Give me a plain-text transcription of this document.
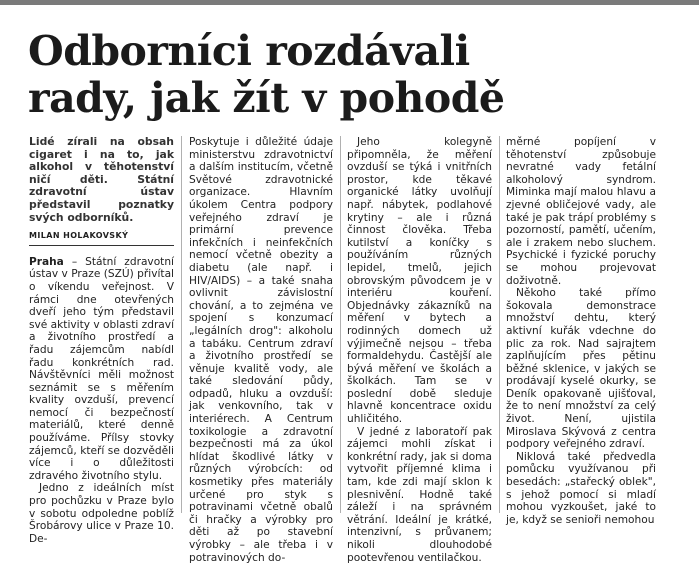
Odborníci rozdávali
rady, jak žít v pohodě

Lidé zírali na obsah cigaret i na to, jak alkohol v těhotenství ničí děti. Státní zdravotní ústav představil poznatky svých odborníků.

MILAN HOLAKOVSKÝ

Praha – Státní zdravotní ústav v Praze (SZÚ) přivítal o víkendu veřejnost. V rámci dne otevřených dveří jeho tým představil své aktivity v oblasti zdraví a životního prostředí a řadu zájemcům nabídl řadu konkrétních rad. Návštěvníci měli možnost seznámit se s měřením kvality ovzduší, prevencí nemocí či bezpečností materiálů, které denně používáme. Přílsy stovky zájemců, kteří se dozvěděli více i o důležitosti zdravého životního stylu.

Jedno z ideálních míst pro pochůzku v Praze bylo v sobotu odpoledne poblíž Šrobárovy ulice v Praze 10. De-

Poskytuje i důležité údaje ministerstvu zdravotnictví a dalším institucím, včetně Světové zdravotnické organizace. Hlavním úkolem Centra podpory veřejného zdraví je primární prevence infekčních i neinfekčních nemocí včetně obezity a diabetu (ale např. i HIV/AIDS) – a také snaha ovlivnit závislostní chování, a to zejména ve spojení s konzumací „legálních drog": alkoholu a tabáku. Centrum zdraví a životního prostředí se věnuje kvalitě vody, ale také sledování půdy, odpadů, hluku a ovzduší: jak venkovního, tak v interiérech. A Centrum toxikologie a zdravotní bezpečnosti má za úkol hlídat škodlivé látky v různých výrobcích: od kosmetiky přes materiály určené pro styk s potravinami včetně obalů či hračky a výrobky pro děti až po stavební výrobky – ale třeba i v potravinových do-

Jeho kolegyně připomněla, že měření ovzduší se týká i vnitřních prostor, kde těkavé organické látky uvolňují např. nábytek, podlahové krytiny – ale i různá činnost člověka. Třeba kutilství a koníčky s používáním různých lepidel, tmelů, jejich obrovským původcem je v interiéru kouření. Objednávky zákazníků na měření v bytech a rodinných domech už výjimečně nejsou – třeba formaldehydu. Častější ale bývá měření ve školách a školkách. Tam se v poslední době sleduje hlavně koncentrace oxidu uhličitého.

V jedné z laboratoří pak zájemci mohli získat i konkrétní rady, jak si doma vytvořit příjemné klima i tam, kde zdi mají sklon k plesnivění. Hodně také záleží i na správném větrání. Ideální je krátké, intenzivní, s průvanem; nikoli dlouhodobé pootevřenou ventilačkou.

měrné popíjení v těhotenství způsobuje nevratné vady fetální alkoholový syndrom. Miminka mají malou hlavu a zjevné obličejové vady, ale také je pak trápí problémy s pozorností, pamětí, učením, ale i zrakem nebo sluchem. Psychické i fyzické poruchy se mohou projevovat doživotně.

Někoho také přímo šokovala demonstrace množství dehtu, který aktivní kuřák vdechne do plic za rok. Nad sajrajtem zaplňujícím přes pětinu běžné sklenice, v jakých se prodávají kyselé okurky, se Deník opakovaně ujišťoval, že to není množství za celý život. Není, ujistila Miroslava Skývová z centra podpory veřejného zdraví.

Niklová také předvedla pomůcku využívanou při besedách: „stařecký oblek", s jehož pomocí si mladí mohou vyzkoušet, jaké to je, když se senioři nemohou
